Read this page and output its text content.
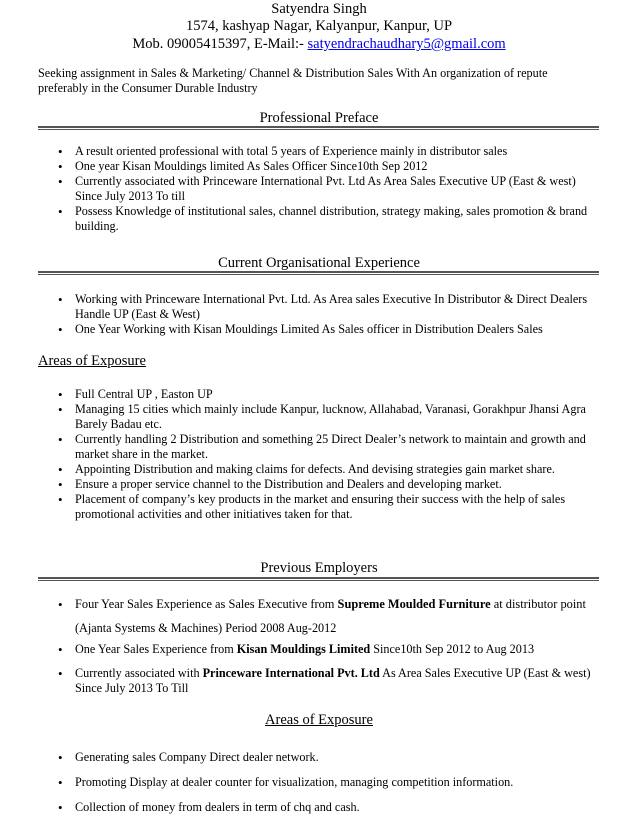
Satyendra Singh
1574, kashyap Nagar, Kalyanpur, Kanpur, UP
Mob. 09005415397, E-Mail:- satyendrachaudhary5@gmail.com
Seeking assignment in Sales & Marketing/ Channel & Distribution Sales With An organization of repute preferably in the Consumer Durable Industry
Professional Preface
• A result oriented professional with total 5 years of Experience mainly in distributor sales
• One year Kisan Mouldings limited As Sales Officer Since10th Sep 2012
• Currently associated with Princeware International Pvt. Ltd As Area Sales Executive UP (East & west) Since July 2013 To till
• Possess Knowledge of institutional sales, channel distribution, strategy making, sales promotion & brand building.
Current Organisational Experience
• Working with Princeware International Pvt. Ltd. As Area sales Executive In Distributor & Direct Dealers Handle UP (East & West)
• One Year Working with Kisan Mouldings Limited As Sales officer in Distribution Dealers Sales
Areas of Exposure
• Full Central UP , Easton UP
• Managing 15 cities which mainly include Kanpur, lucknow, Allahabad, Varanasi, Gorakhpur Jhansi Agra Barely Badau etc.
• Currently handling 2 Distribution and something 25 Direct Dealer’s network to maintain and growth and market share in the market.
• Appointing Distribution and making claims for defects. And devising strategies gain market share.
• Ensure a proper service channel to the Distribution and Dealers and developing market.
• Placement of company’s key products in the market and ensuring their success with the help of sales promotional activities and other initiatives taken for that.
Previous Employers
• Four Year Sales Experience as Sales Executive from Supreme Moulded Furniture at distributor point
(Ajanta Systems & Machines) Period 2008 Aug-2012
• One Year Sales Experience from Kisan Mouldings Limited Since10th Sep 2012 to Aug 2013
• Currently associated with Princeware International Pvt. Ltd As Area Sales Executive UP (East & west) Since July 2013 To Till
Areas of Exposure
• Generating sales Company Direct dealer network.
• Promoting Display at dealer counter for visualization, managing competition information.
• Collection of money from dealers in term of chq and cash.
